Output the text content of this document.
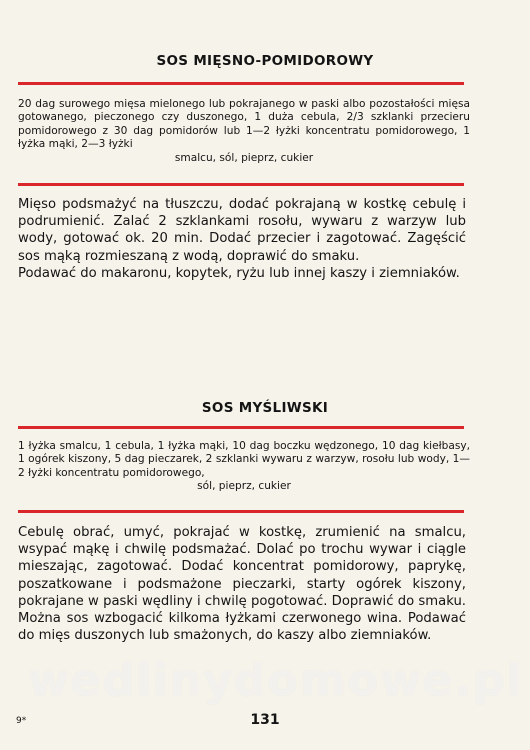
SOS MIĘSNO-POMIDOROWY
20 dag surowego mięsa mielonego lub pokrajanego w paski albo pozostałości mięsa gotowanego, pieczonego czy duszonego, 1 duża cebula, 2/3 szklanki przecieru pomidorowego z 30 dag pomidorów lub 1—2 łyżki koncentratu pomidorowego, 1 łyżka mąki, 2—3 łyżki
smalcu, sól, pieprz, cukier
Mięso podsmażyć na tłuszczu, dodać pokrajaną w kostkę cebulę i podrumienić. Zalać 2 szklankami rosołu, wywaru z warzyw lub wody, gotować ok. 20 min. Dodać przecier i zagotować. Zagęścić sos mąką rozmieszaną z wodą, doprawić do smaku.
Podawać do makaronu, kopytek, ryżu lub innej kaszy i ziemniaków.
SOS MYŚLIWSKI
1 łyżka smalcu, 1 cebula, 1 łyżka mąki, 10 dag boczku wędzonego, 10 dag kiełbasy, 1 ogórek kiszony, 5 dag pieczarek, 2 szklanki wywaru z warzyw, rosołu lub wody, 1—2 łyżki koncentratu pomidorowego,
sól, pieprz, cukier
Cebulę obrać, umyć, pokrajać w kostkę, zrumienić na smalcu, wsypać mąkę i chwilę podsmażać. Dolać po trochu wywar i ciągle mieszając, zagotować. Dodać koncentrat pomidorowy, paprykę, poszatkowane i podsmażone pieczarki, starty ogórek kiszony, pokrajane w paski wędliny i chwilę pogotować. Doprawić do smaku. Można sos wzbogacić kilkoma łyżkami czerwonego wina. Podawać do mięs duszonych lub smażonych, do kaszy albo ziemniaków.
wedlinydomowe.pl
9*	131
